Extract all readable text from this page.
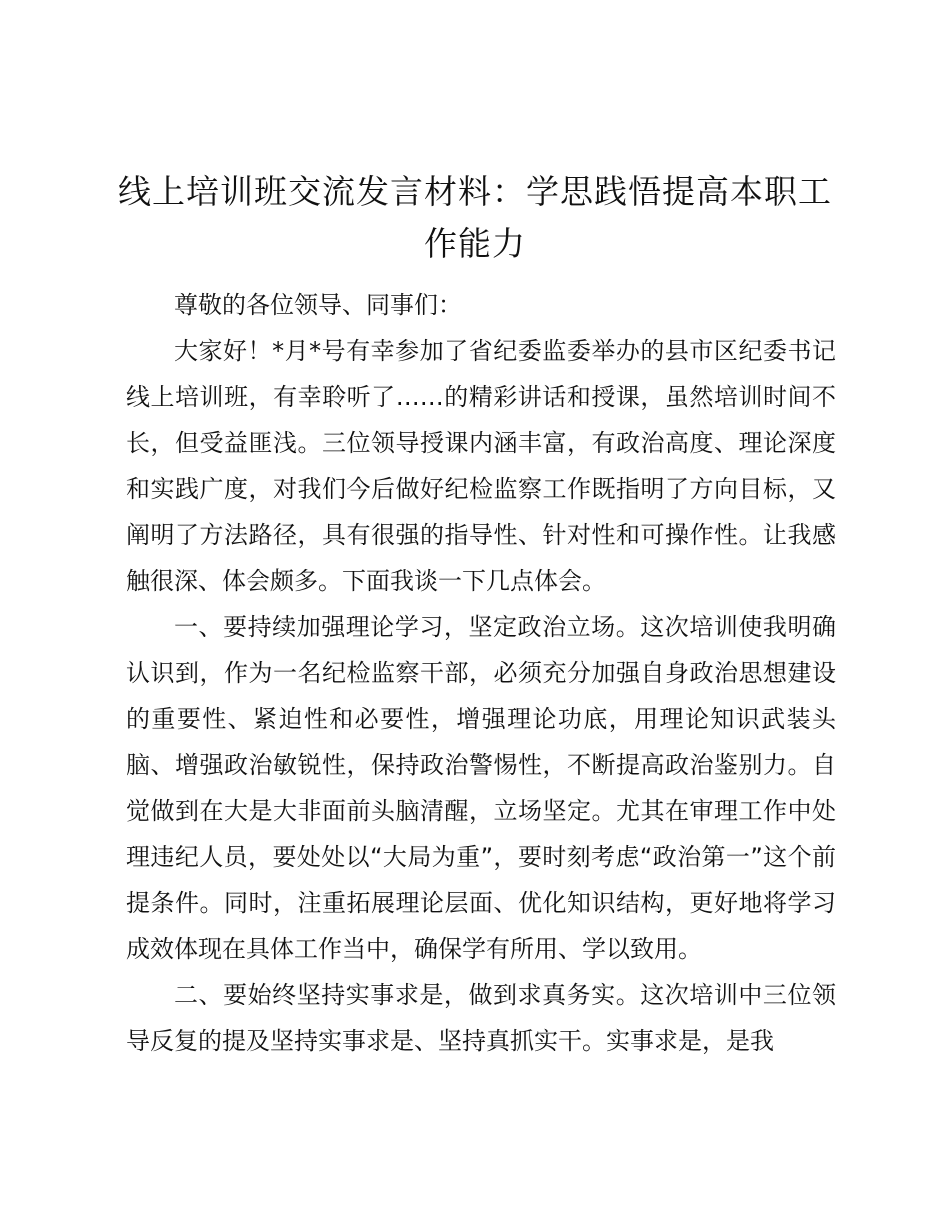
线上培训班交流发言材料：学思践悟提高本职工作能力

尊敬的各位领导、同事们：

大家好！*月*号有幸参加了省纪委监委举办的县市区纪委书记线上培训班，有幸聆听了……的精彩讲话和授课，虽然培训时间不长，但受益匪浅。三位领导授课内涵丰富，有政治高度、理论深度和实践广度，对我们今后做好纪检监察工作既指明了方向目标，又阐明了方法路径，具有很强的指导性、针对性和可操作性。让我感触很深、体会颇多。下面我谈一下几点体会。

一、要持续加强理论学习，坚定政治立场。这次培训使我明确认识到，作为一名纪检监察干部，必须充分加强自身政治思想建设的重要性、紧迫性和必要性，增强理论功底，用理论知识武装头脑、增强政治敏锐性，保持政治警惕性，不断提高政治鉴别力。自觉做到在大是大非面前头脑清醒，立场坚定。尤其在审理工作中处理违纪人员，要处处以“大局为重”，要时刻考虑“政治第一”这个前提条件。同时，注重拓展理论层面、优化知识结构，更好地将学习成效体现在具体工作当中，确保学有所用、学以致用。

二、要始终坚持实事求是，做到求真务实。这次培训中三位领导反复的提及坚持实事求是、坚持真抓实干。实事求是，是我
